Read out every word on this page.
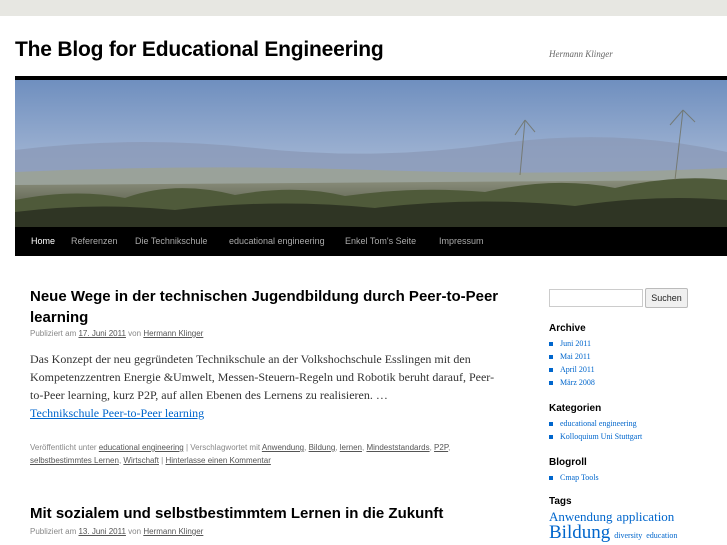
The Blog for Educational Engineering	Hermann Klinger
Home	Referenzen	Die Technikschule	educational engineering	Enkel Tom's Seite	Impressum
Neue Wege in der technischen Jugendbildung durch Peer-to-Peer learning
Publiziert am 17. Juni 2011 von Hermann Klinger
Das Konzept der neu gegründeten Technikschule an der Volkshochschule Esslingen mit den Kompetenzzentren Energie &Umwelt, Messen-Steuern-Regeln und Robotik beruht darauf, Peer-to-Peer learning, kurz P2P, auf allen Ebenen des Lernens zu realisieren. …
Technikschule Peer-to-Peer learning
Veröffentlicht unter educational engineering | Verschlagwortet mit Anwendung, Bildung, lernen, Mindeststandards, P2P, selbstbestimmtes Lernen, Wirtschaft | Hinterlasse einen Kommentar
Mit sozialem und selbstbestimmtem Lernen in die Zukunft
Publiziert am 13. Juni 2011 von Hermann Klinger
Suchen
Archive
Juni 2011
Mai 2011
April 2011
März 2008
Kategorien
educational engineering
Kolloquium Uni Stuttgart
Blogroll
Cmap Tools
Tags
Anwendung application Bildung diversity education
